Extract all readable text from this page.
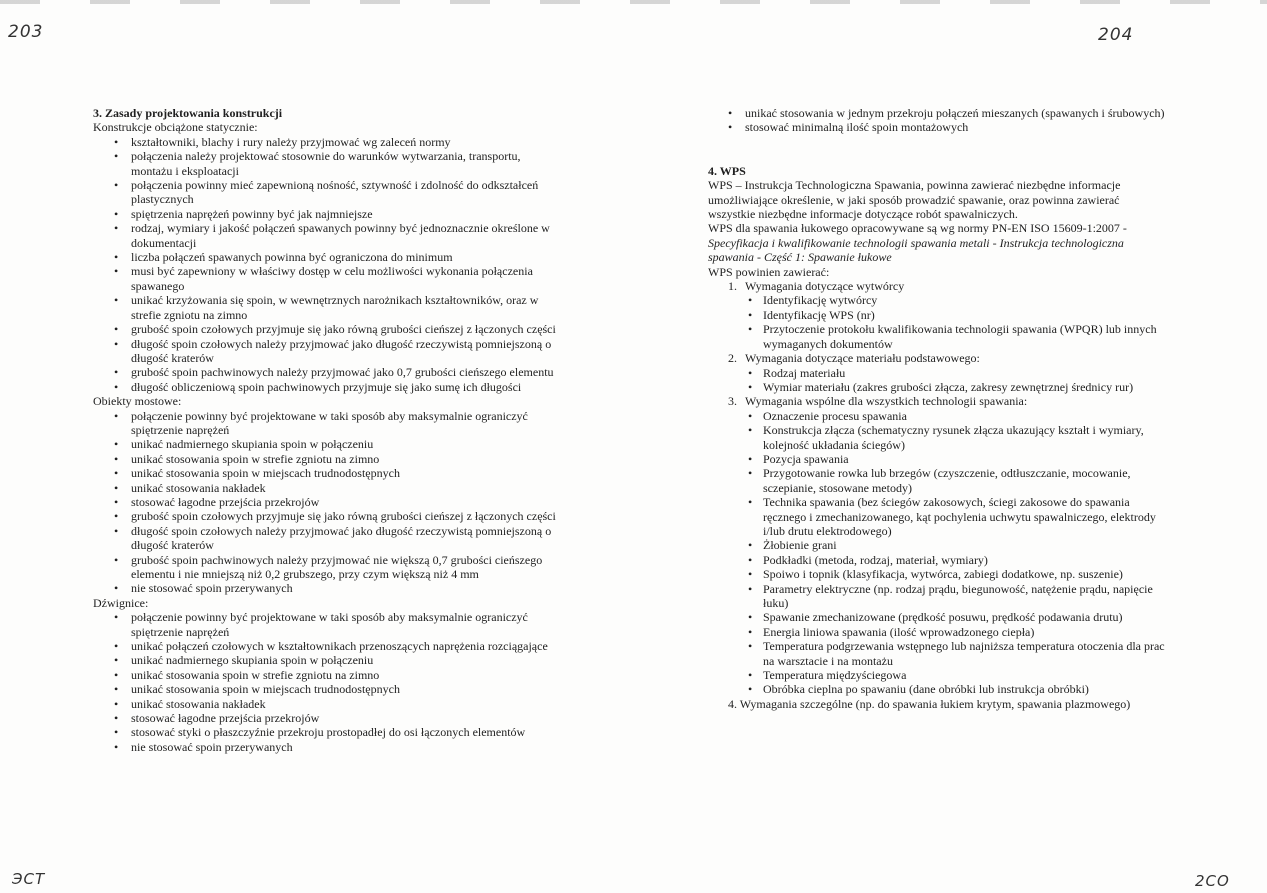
203	204
ЭСТ	2CO
3. Zasady projektowania konstrukcji
Konstrukcje obciążone statycznie:
• kształtowniki, blachy i rury należy przyjmować wg zaleceń normy
• połączenia należy projektować stosownie do warunków wytwarzania, transportu, montażu i eksploatacji
• połączenia powinny mieć zapewnioną nośność, sztywność i zdolność do odkształceń plastycznych
• spiętrzenia naprężeń powinny być jak najmniejsze
• rodzaj, wymiary i jakość połączeń spawanych powinny być jednoznacznie określone w dokumentacji
• liczba połączeń spawanych powinna być ograniczona do minimum
• musi być zapewniony w właściwy dostęp w celu możliwości wykonania połączenia spawanego
• unikać krzyżowania się spoin, w wewnętrznych narożnikach kształtowników, oraz w strefie zgniotu na zimno
• grubość spoin czołowych przyjmuje się jako równą grubości cieńszej z łączonych części
• długość spoin czołowych należy przyjmować jako długość rzeczywistą pomniejszoną o długość kraterów
• grubość spoin pachwinowych należy przyjmować jako 0,7 grubości cieńszego elementu
• długość obliczeniową spoin pachwinowych przyjmuje się jako sumę ich długości
Obiekty mostowe:
• połączenie powinny być projektowane w taki sposób aby maksymalnie ograniczyć spiętrzenie naprężeń
• unikać nadmiernego skupiania spoin w połączeniu
• unikać stosowania spoin w strefie zgniotu na zimno
• unikać stosowania spoin w miejscach trudnodostępnych
• unikać stosowania nakładek
• stosować łagodne przejścia przekrojów
• grubość spoin czołowych przyjmuje się jako równą grubości cieńszej z łączonych części
• długość spoin czołowych należy przyjmować jako długość rzeczywistą pomniejszoną o długość kraterów
• grubość spoin pachwinowych należy przyjmować nie większą 0,7 grubości cieńszego elementu i nie mniejszą niż 0,2 grubszego, przy czym większą niż 4 mm
• nie stosować spoin przerywanych
Dźwignice:
• połączenie powinny być projektowane w taki sposób aby maksymalnie ograniczyć spiętrzenie naprężeń
• unikać połączeń czołowych w kształtownikach przenoszących naprężenia rozciągające
• unikać nadmiernego skupiania spoin w połączeniu
• unikać stosowania spoin w strefie zgniotu na zimno
• unikać stosowania spoin w miejscach trudnodostępnych
• unikać stosowania nakładek
• stosować łagodne przejścia przekrojów
• stosować styki o płaszczyźnie przekroju prostopadłej do osi łączonych elementów
• nie stosować spoin przerywanych
• unikać stosowania w jednym przekroju połączeń mieszanych (spawanych i śrubowych)
• stosować minimalną ilość spoin montażowych
4. WPS
WPS – Instrukcja Technologiczna Spawania, powinna zawierać niezbędne informacje umożliwiające określenie, w jaki sposób prowadzić spawanie, oraz powinna zawierać wszystkie niezbędne informacje dotyczące robót spawalniczych.
WPS dla spawania łukowego opracowywane są wg normy PN-EN ISO 15609-1:2007 -
Specyfikacja i kwalifikowanie technologii spawania metali - Instrukcja technologiczna spawania - Część 1: Spawanie łukowe
WPS powinien zawierać:
1. Wymagania dotyczące wytwórcy
• Identyfikację wytwórcy
• Identyfikację WPS (nr)
• Przytoczenie protokołu kwalifikowania technologii spawania (WPQR) lub innych wymaganych dokumentów
2. Wymagania dotyczące materiału podstawowego:
• Rodzaj materiału
• Wymiar materiału (zakres grubości złącza, zakresy zewnętrznej średnicy rur)
3. Wymagania wspólne dla wszystkich technologii spawania:
• Oznaczenie procesu spawania
• Konstrukcja złącza (schematyczny rysunek złącza ukazujący kształt i wymiary, kolejność układania ściegów)
• Pozycja spawania
• Przygotowanie rowka lub brzegów (czyszczenie, odtłuszczanie, mocowanie, sczepianie, stosowane metody)
• Technika spawania (bez ściegów zakosowych, ściegi zakosowe do spawania ręcznego i zmechanizowanego, kąt pochylenia uchwytu spawalniczego, elektrody i/lub drutu elektrodowego)
• Żłobienie grani
• Podkładki (metoda, rodzaj, materiał, wymiary)
• Spoiwo i topnik (klasyfikacja, wytwórca, zabiegi dodatkowe, np. suszenie)
• Parametry elektryczne (np. rodzaj prądu, biegunowość, natężenie prądu, napięcie łuku)
• Spawanie zmechanizowane (prędkość posuwu, prędkość podawania drutu)
• Energia liniowa spawania (ilość wprowadzonego ciepła)
• Temperatura podgrzewania wstępnego lub najniższa temperatura otoczenia dla prac na warsztacie i na montażu
• Temperatura międzyściegowa
• Obróbka cieplna po spawaniu (dane obróbki lub instrukcja obróbki)
4. Wymagania szczególne (np. do spawania łukiem krytym, spawania plazmowego)
